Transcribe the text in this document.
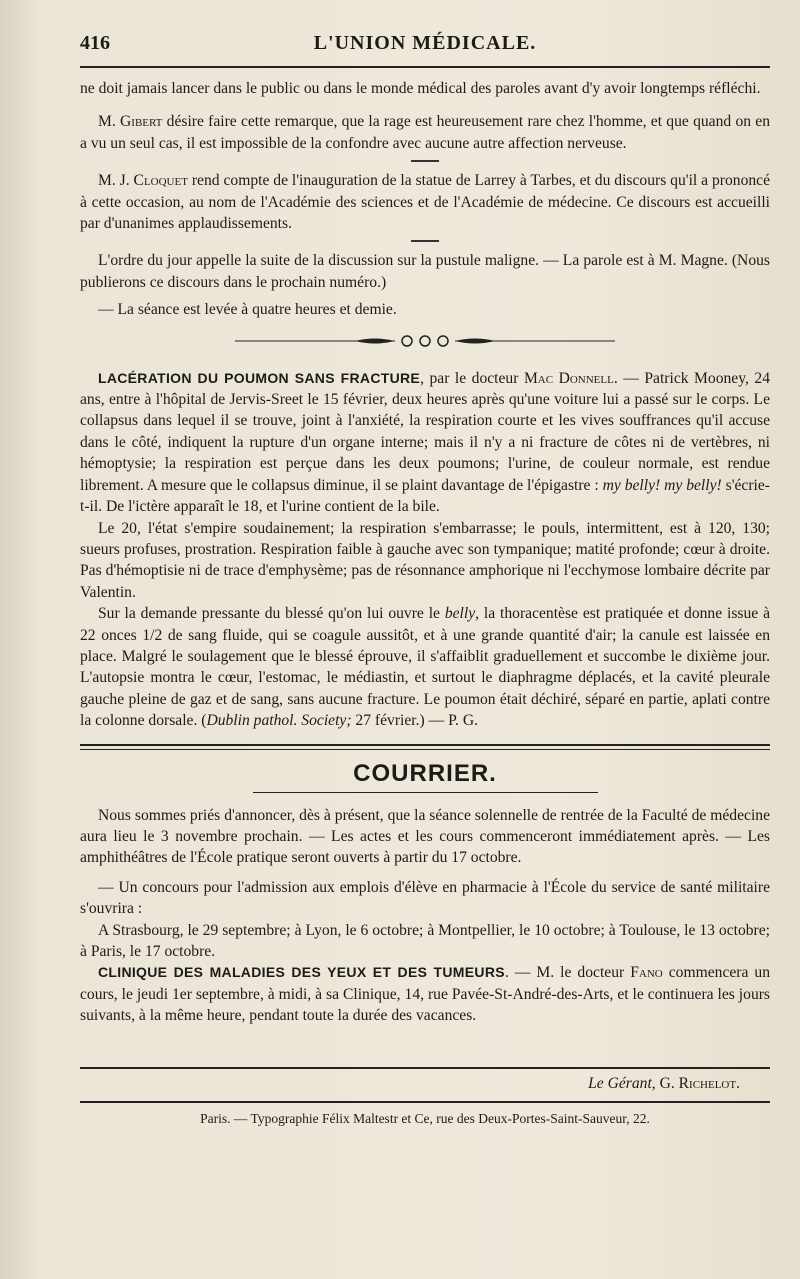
416	L'UNION MÉDICALE.

ne doit jamais lancer dans le public ou dans le monde médical des paroles avant d'y avoir longtemps réfléchi.

M. Gibert désire faire cette remarque, que la rage est heureusement rare chez l'homme, et que quand on en a vu un seul cas, il est impossible de la confondre avec aucune autre affection nerveuse.

M. J. Cloquet rend compte de l'inauguration de la statue de Larrey à Tarbes, et du discours qu'il a prononcé à cette occasion, au nom de l'Académie des sciences et de l'Académie de médecine. Ce discours est accueilli par d'unanimes applaudissements.

L'ordre du jour appelle la suite de la discussion sur la pustule maligne. — La parole est à M. Magne. (Nous publierons ce discours dans le prochain numéro.)

— La séance est levée à quatre heures et demie.

LACÉRATION DU POUMON SANS FRACTURE, par le docteur Mac Donnell. — Patrick Mooney, 24 ans, entre à l'hôpital de Jervis-Sreet le 15 février, deux heures après qu'une voiture lui a passé sur le corps. Le collapsus dans lequel il se trouve, joint à l'anxiété, la respiration courte et les vives souffrances qu'il accuse dans le côté, indiquent la rupture d'un organe interne; mais il n'y a ni fracture de côtes ni de vertèbres, ni hémoptysie; la respiration est perçue dans les deux poumons; l'urine, de couleur normale, est rendue librement. A mesure que le collapsus diminue, il se plaint davantage de l'épigastre : my belly! my belly! s'écrie-t-il. De l'ictère apparaît le 18, et l'urine contient de la bile.

Le 20, l'état s'empire soudainement; la respiration s'embarrasse; le pouls, intermittent, est à 120, 130; sueurs profuses, prostration. Respiration faible à gauche avec son tympanique; matité profonde; cœur à droite. Pas d'hémoptisie ni de trace d'emphysème; pas de résonnance amphorique ni l'ecchymose lombaire décrite par Valentin.

Sur la demande pressante du blessé qu'on lui ouvre le belly, la thoracentèse est pratiquée et donne issue à 22 onces 1/2 de sang fluide, qui se coagule aussitôt, et à une grande quantité d'air; la canule est laissée en place. Malgré le soulagement que le blessé éprouve, il s'affaiblit graduellement et succombe le dixième jour. L'autopsie montra le cœur, l'estomac, le médiastin, et surtout le diaphragme déplacés, et la cavité pleurale gauche pleine de gaz et de sang, sans aucune fracture. Le poumon était déchiré, séparé en partie, aplati contre la colonne dorsale. (Dublin pathol. Society; 27 février.) — P. G.

COURRIER.

Nous sommes priés d'annoncer, dès à présent, que la séance solennelle de rentrée de la Faculté de médecine aura lieu le 3 novembre prochain. — Les actes et les cours commenceront immédiatement après. — Les amphithéâtres de l'École pratique seront ouverts à partir du 17 octobre.

— Un concours pour l'admission aux emplois d'élève en pharmacie à l'École du service de santé militaire s'ouvrira :

A Strasbourg, le 29 septembre; à Lyon, le 6 octobre; à Montpellier, le 10 octobre; à Toulouse, le 13 octobre; à Paris, le 17 octobre.

CLINIQUE DES MALADIES DES YEUX ET DES TUMEURS. — M. le docteur Fano commencera un cours, le jeudi 1er septembre, à midi, à sa Clinique, 14, rue Pavée-St-André-des-Arts, et le continuera les jours suivants, à la même heure, pendant toute la durée des vacances.

Le Gérant, G. Richelot.
Paris. — Typographie Félix Maltestr et Ce, rue des Deux-Portes-Saint-Sauveur, 22.
